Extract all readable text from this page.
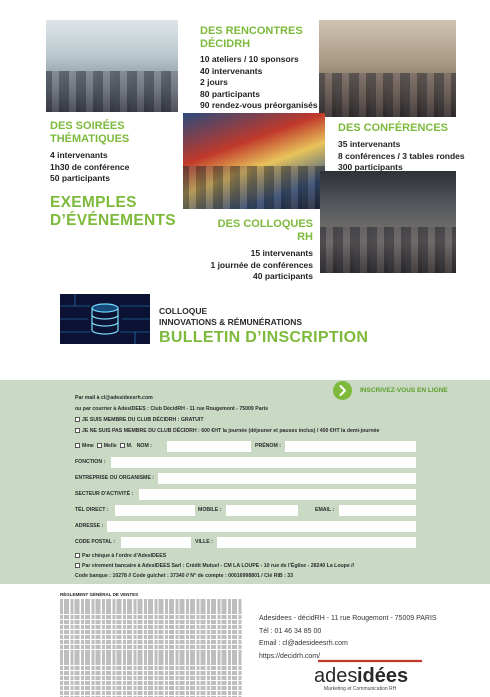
DES RENCONTRES
DÉCIDRH
10 ateliers / 10 sponsors
40 intervenants
2 jours
80 participants
90 rendez-vous préorganisés
DES SOIRÉES
THÉMATIQUES
4 intervenants
1h30 de conférence
50 participants
DES CONFÉRENCES
35 intervenants
8 conférences / 3 tables rondes
300 participants
EXEMPLES
D’ÉVÉNEMENTS	DES COLLOQUES RH
15 intervenants
1 journée de conférences
40 participants
COLLOQUE
INNOVATIONS & RÉMUNÉRATIONS
BULLETIN D’INSCRIPTION
INSCRIVEZ-VOUS EN LIGNE
Par mail à cl@adesideesrh.com
ou par courrier à AdesIDEES : Club DécidRH - 11 rue Rougemont - 75009 Paris
JE SUIS MEMBRE DU CLUB DÉCIDRH : GRATUIT
JE NE SUIS PAS MEMBRE DU CLUB DÉCIDRH : 600 €HT la journée (déjeuner et pauses inclus) / 400 €HT la demi-journée
Mme Melle M. NOM :	PRÉNOM :
FONCTION :
ENTREPRISE OU ORGANISME :
SECTEUR D’ACTIVITÉ :
TÉL DIRECT :	MOBILE :	EMAIL :
ADRESSE :
CODE POSTAL :	VILLE :
Par chèque à l’ordre d’AdesIDEES
Par virement bancaire à AdesIDEES Sarl : Crédit Mutuel - CM LA LOUPE - 10 rue de l’Église - 28240 La Loupe //
Code banque : 10278 // Code guichet : 37340 // N° de compte : 00016998801 / Clé RIB : 33
RÈGLEMENT GÉNÉRAL DE VENTES
Adesidees - décidRH - 11 rue Rougemont - 75009 PARIS
Tél : 01 46 34 85 00
Email : cl@adesideesrh.com
https://decidrh.com/
ades idées
Marketing et Communication RH
